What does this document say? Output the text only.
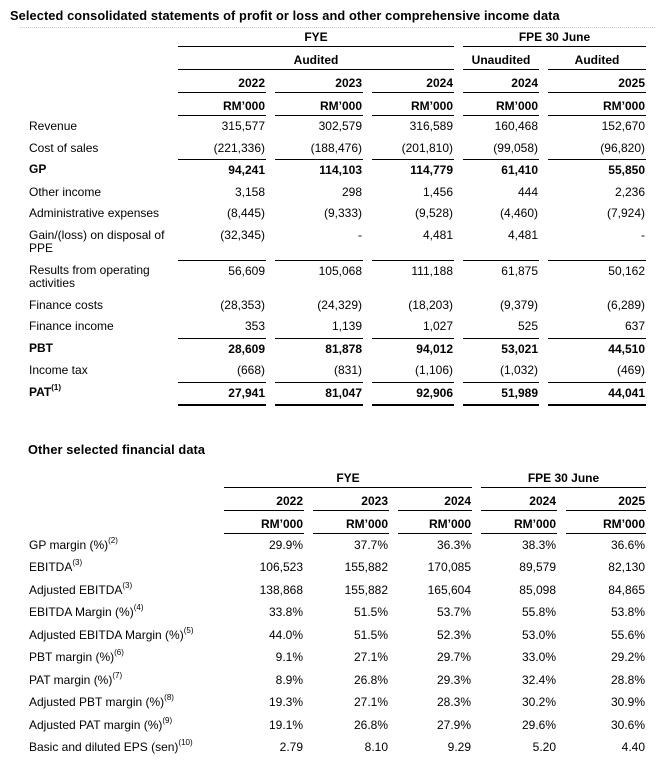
Selected consolidated statements of profit or loss and other comprehensive income data
	FYE			FPE 30 June	
	Audited			Unaudited	Audited
	2022	2023	2024	2024	2025
	RM’000	RM’000	RM’000	RM’000	RM’000
Revenue	315,577	302,579	316,589	160,468	152,670
Cost of sales	(221,336)	(188,476)	(201,810)	(99,058)	(96,820)
GP	94,241	114,103	114,779	61,410	55,850
Other income	3,158	298	1,456	444	2,236
Administrative expenses	(8,445)	(9,333)	(9,528)	(4,460)	(7,924)
Gain/(loss) on disposal of PPE	(32,345)	-	4,481	4,481	-
Results from operating activities	56,609	105,068	111,188	61,875	50,162
Finance costs	(28,353)	(24,329)	(18,203)	(9,379)	(6,289)
Finance income	353	1,139	1,027	525	637
PBT	28,609	81,878	94,012	53,021	44,510
Income tax	(668)	(831)	(1,106)	(1,032)	(469)
PAT$^{(1)}$	27,941	81,047	92,906	51,989	44,041
Other selected financial data
	FYE			FPE 30 June	
	2022	2023	2024	2024	2025
	RM’000	RM’000	RM’000	RM’000	RM’000
GP margin (%)$^{(2)}$	29.9%	37.7%	36.3%	38.3%	36.6%
EBITDA$^{(3)}$	106,523	155,882	170,085	89,579	82,130
Adjusted EBITDA$^{(3)}$	138,868	155,882	165,604	85,098	84,865
EBITDA Margin (%)$^{(4)}$	33.8%	51.5%	53.7%	55.8%	53.8%
Adjusted EBITDA Margin (%)$^{(5)}$	44.0%	51.5%	52.3%	53.0%	55.6%
PBT margin (%)$^{(6)}$	9.1%	27.1%	29.7%	33.0%	29.2%
PAT margin (%)$^{(7)}$	8.9%	26.8%	29.3%	32.4%	28.8%
Adjusted PBT margin (%)$^{(8)}$	19.3%	27.1%	28.3%	30.2%	30.9%
Adjusted PAT margin (%)$^{(9)}$	19.1%	26.8%	27.9%	29.6%	30.6%
Basic and diluted EPS (sen)$^{(10)}$	2.79	8.10	9.29	5.20	4.40
